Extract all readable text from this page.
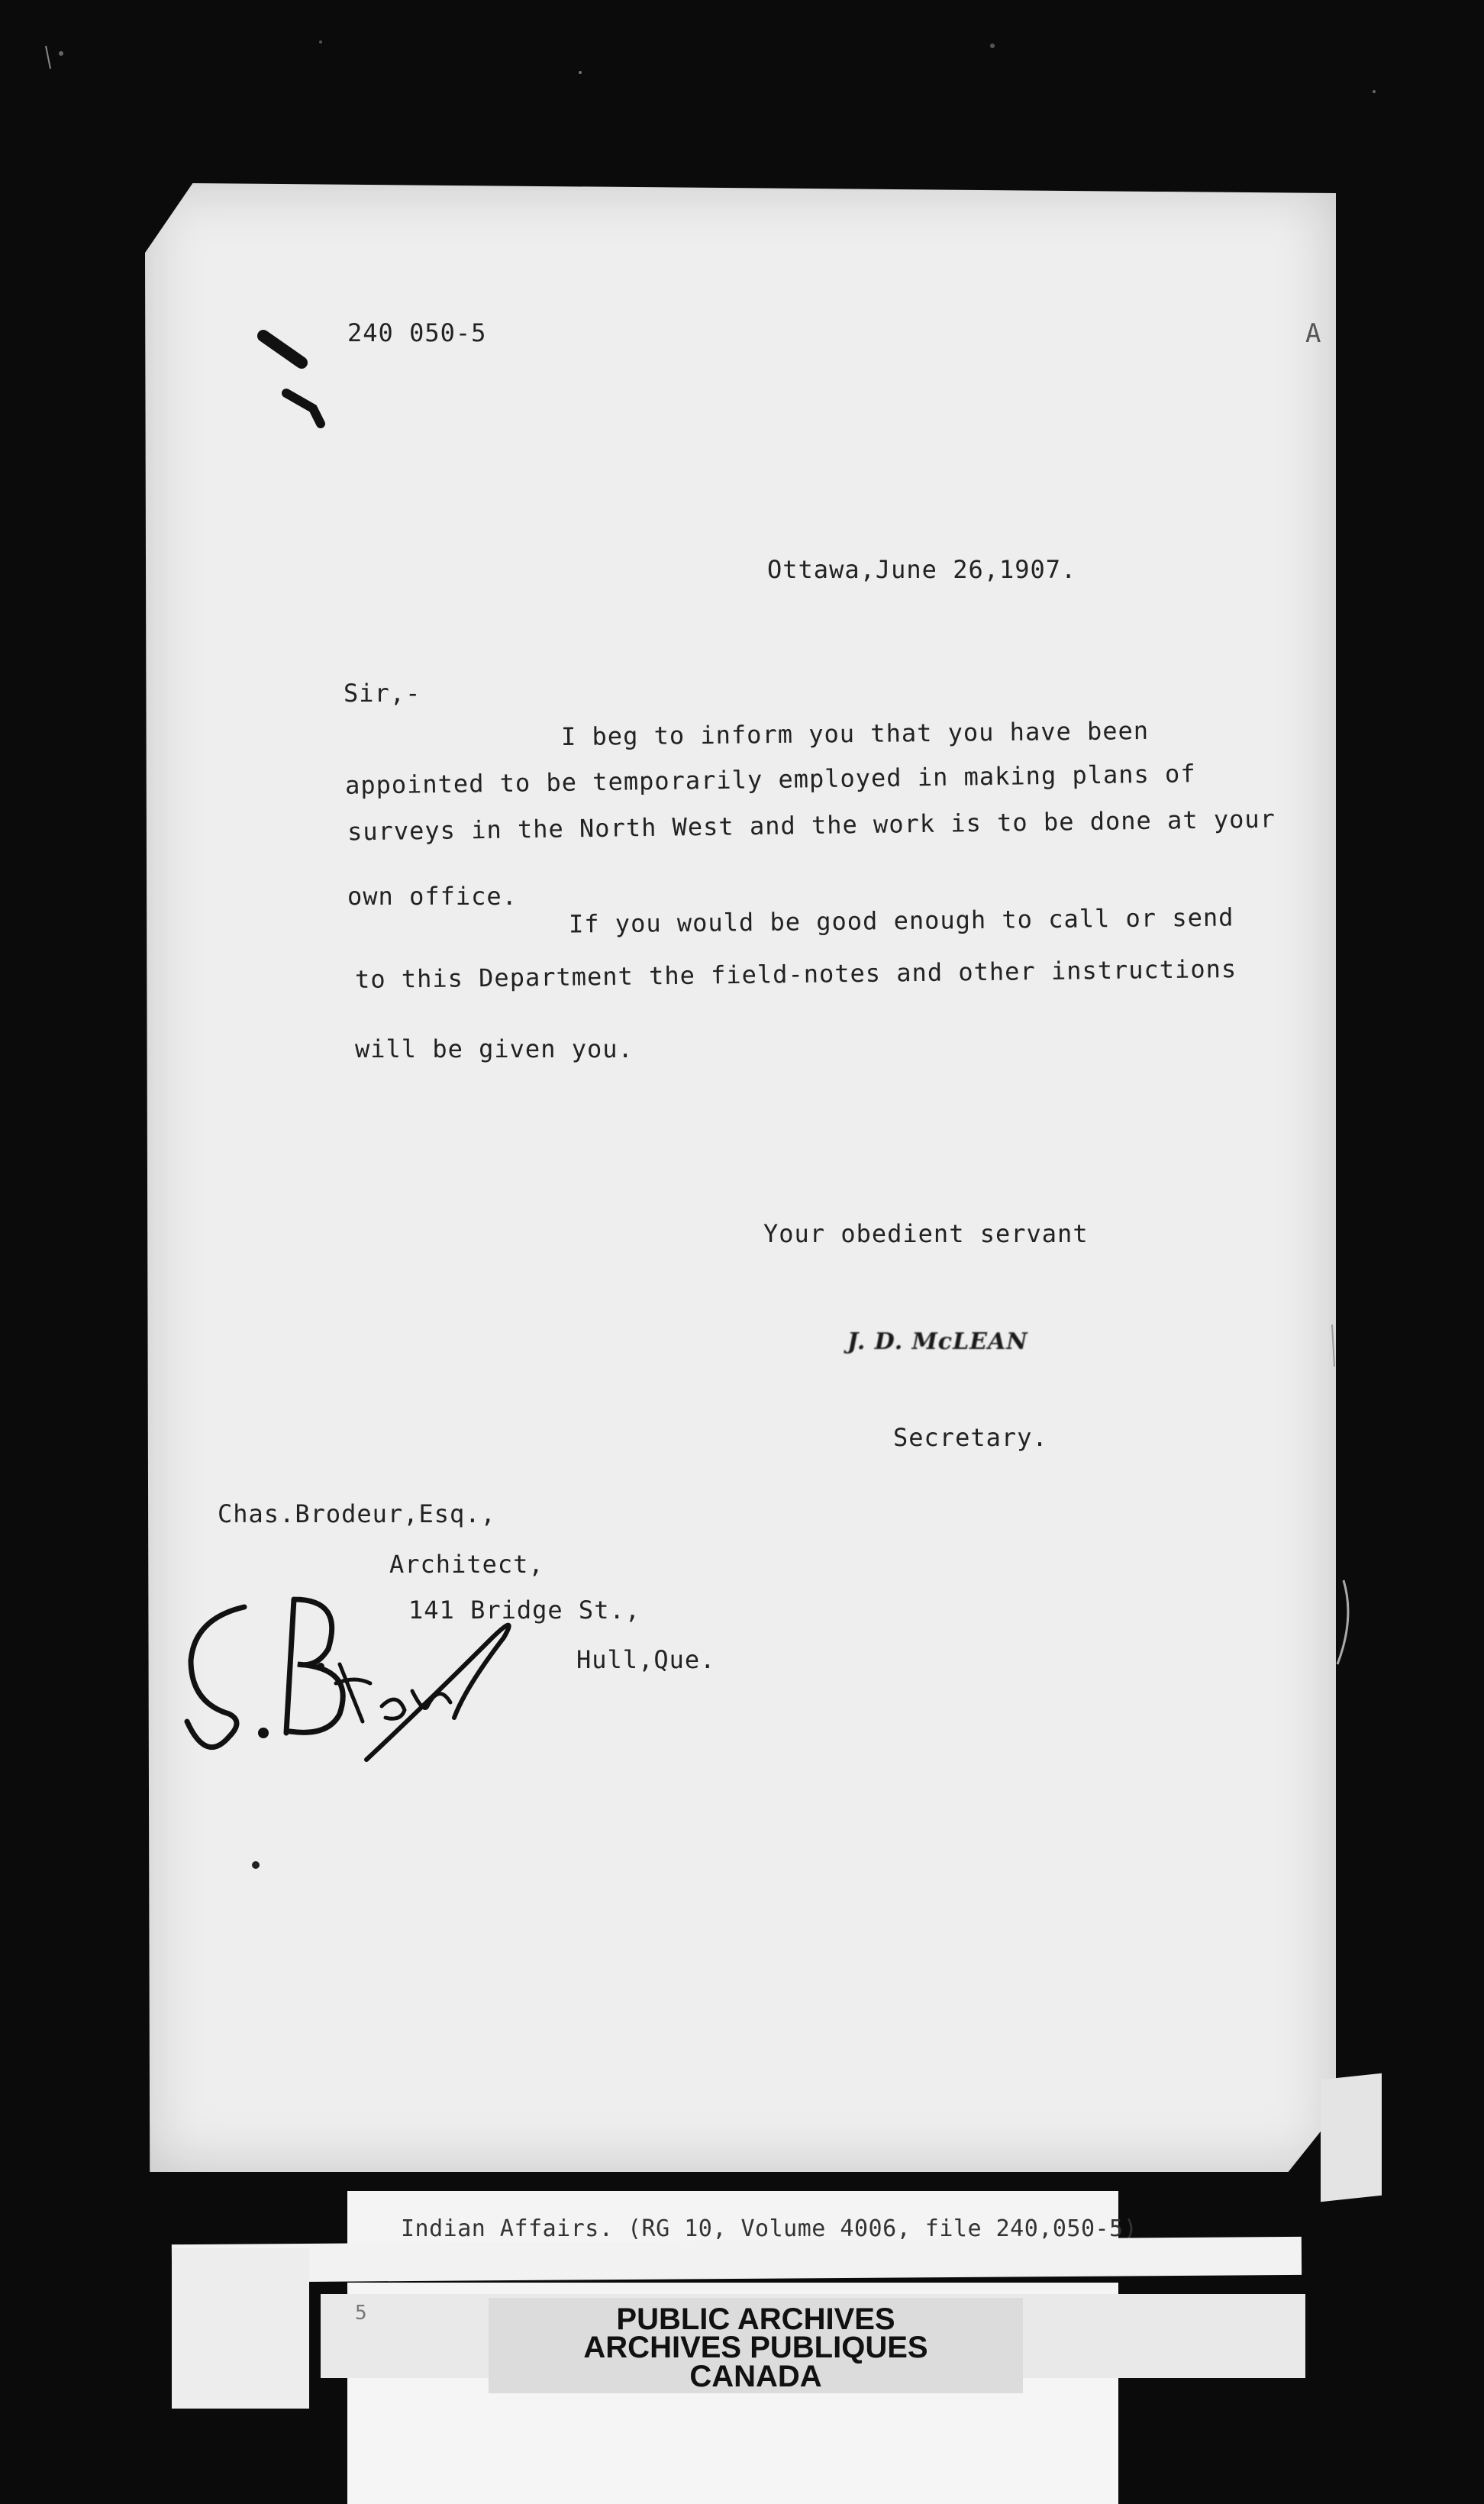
240 050-5	A
Ottawa,June 26,1907.
Sir,-
I beg to inform you that you have been
appointed to be temporarily employed in making plans of
surveys in the North West and the work is to be done at your
own office.
If you would be good enough to call or send
to this Department the field-notes and other instructions
will be given you.
Your obedient servant
J. D. McLEAN
Secretary.
Chas.Brodeur,Esq.,
Architect,
141 Bridge St.,
Hull,Que.
Indian Affairs. (RG 10, Volume 4006, file 240,050-5)
5	PUBLIC ARCHIVES
ARCHIVES PUBLIQUES
CANADA
